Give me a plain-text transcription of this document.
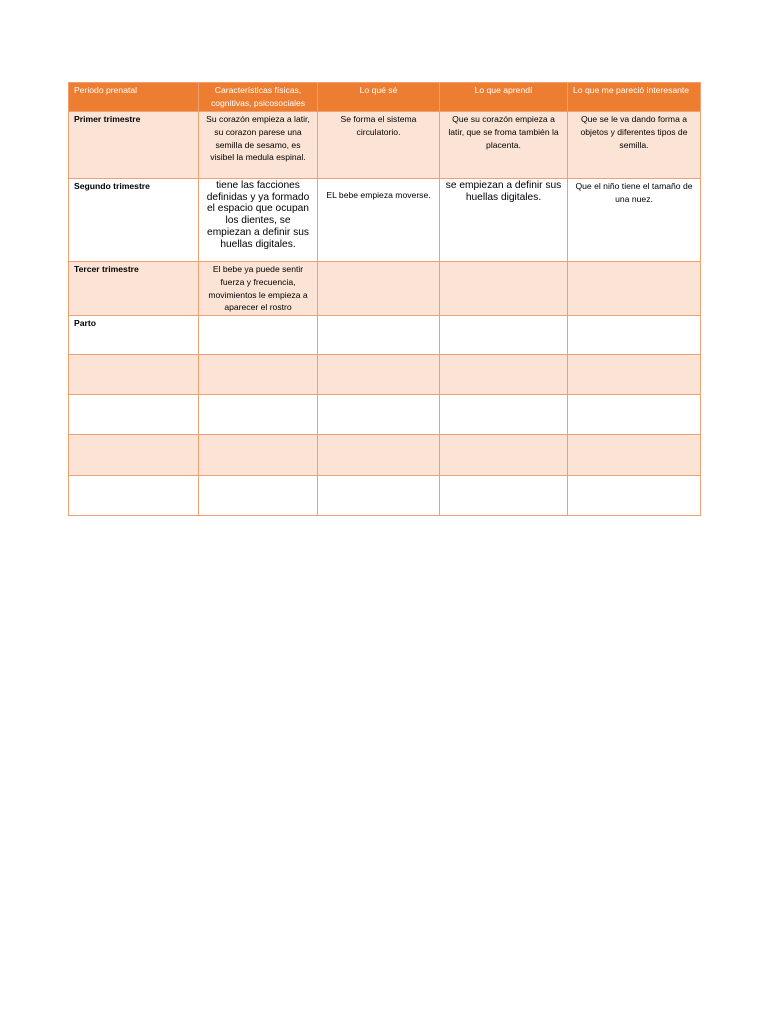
Periodo prenatal	Características físicas, cognitivas, psicosociales	Lo qué sé	Lo que aprendí	Lo que me pareció interesante
Primer trimestre	Su corazón empieza a latir, su corazon parese una semilla de sesamo, es visibel la medula espinal.	Se forma el sistema circulatorio.	Que su corazón empieza a latir, que se froma también la placenta.	Que se le va dando forma a objetos y diferentes tipos de semilla.
Segundo trimestre	tiene las facciones definidas y ya formado el espacio que ocupan los dientes, se empiezan a definir sus huellas digitales.	EL bebe empieza moverse.	se empiezan a definir sus huellas digitales.	Que el niño tiene el tamaño de una nuez.
Tercer trimestre	El bebe ya puede sentir fuerza y frecuencia, movimientos le empieza a aparecer el rostro			
Parto				
